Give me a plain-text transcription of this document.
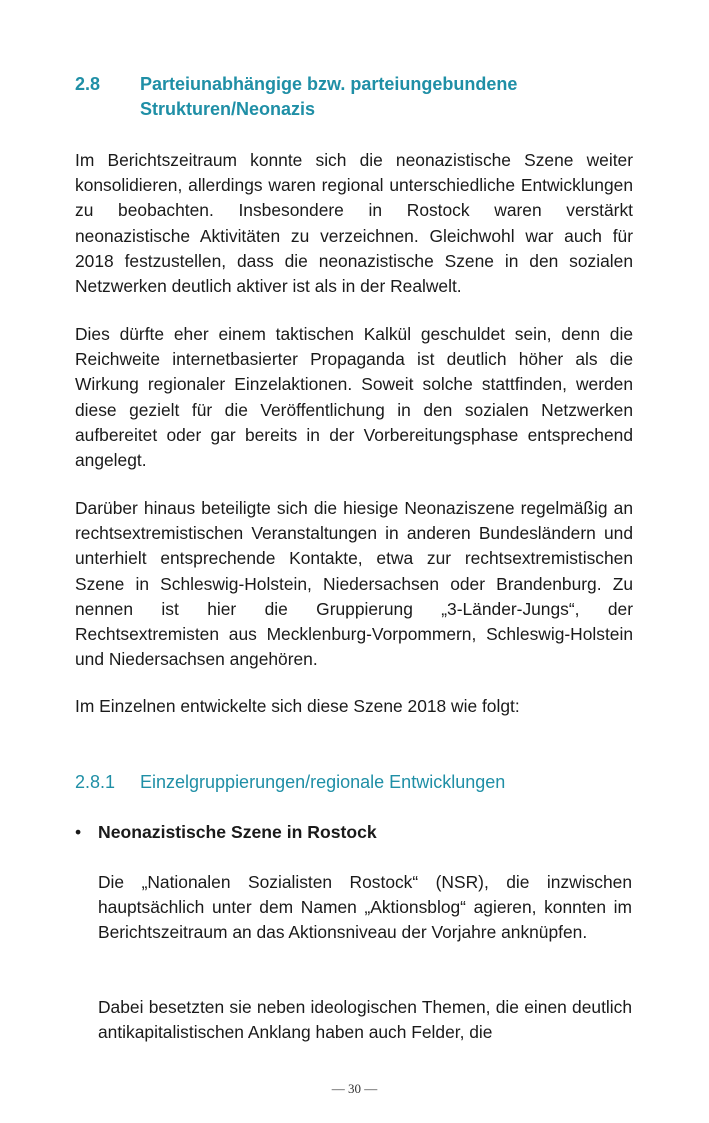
2.8 Parteiunabhängige bzw. parteiungebundene Strukturen/Neonazis

Im Berichtszeitraum konnte sich die neonazistische Szene weiter konsolidieren, allerdings waren regional unterschiedliche Entwicklungen zu beobachten. Insbesondere in Rostock waren verstärkt neonazistische Aktivitäten zu verzeichnen. Gleichwohl war auch für 2018 festzustellen, dass die neonazistische Szene in den sozialen Netzwerken deutlich aktiver ist als in der Realwelt.

Dies dürfte eher einem taktischen Kalkül geschuldet sein, denn die Reichweite internetbasierter Propaganda ist deutlich höher als die Wirkung regionaler Einzelaktionen. Soweit solche stattfinden, werden diese gezielt für die Veröffentlichung in den sozialen Netzwerken aufbereitet oder gar bereits in der Vorbereitungsphase entsprechend angelegt.

Darüber hinaus beteiligte sich die hiesige Neonaziszene regelmäßig an rechtsextremistischen Veranstaltungen in anderen Bundesländern und unterhielt entsprechende Kontakte, etwa zur rechtsextremistischen Szene in Schleswig-Holstein, Niedersachsen oder Brandenburg. Zu nennen ist hier die Gruppierung „3-Länder-Jungs“, der Rechtsextremisten aus Mecklenburg-Vorpommern, Schleswig-Holstein und Niedersachsen angehören.

Im Einzelnen entwickelte sich diese Szene 2018 wie folgt:

2.8.1 Einzelgruppierungen/regionale Entwicklungen
• Neonazistische Szene in Rostock

Die „Nationalen Sozialisten Rostock“ (NSR), die inzwischen hauptsächlich unter dem Namen „Aktionsblog“ agieren, konnten im Berichtszeitraum an das Aktionsniveau der Vorjahre anknüpfen.

Dabei besetzten sie neben ideologischen Themen, die einen deutlich antikapitalistischen Anklang haben auch Felder, die

— 30 —
